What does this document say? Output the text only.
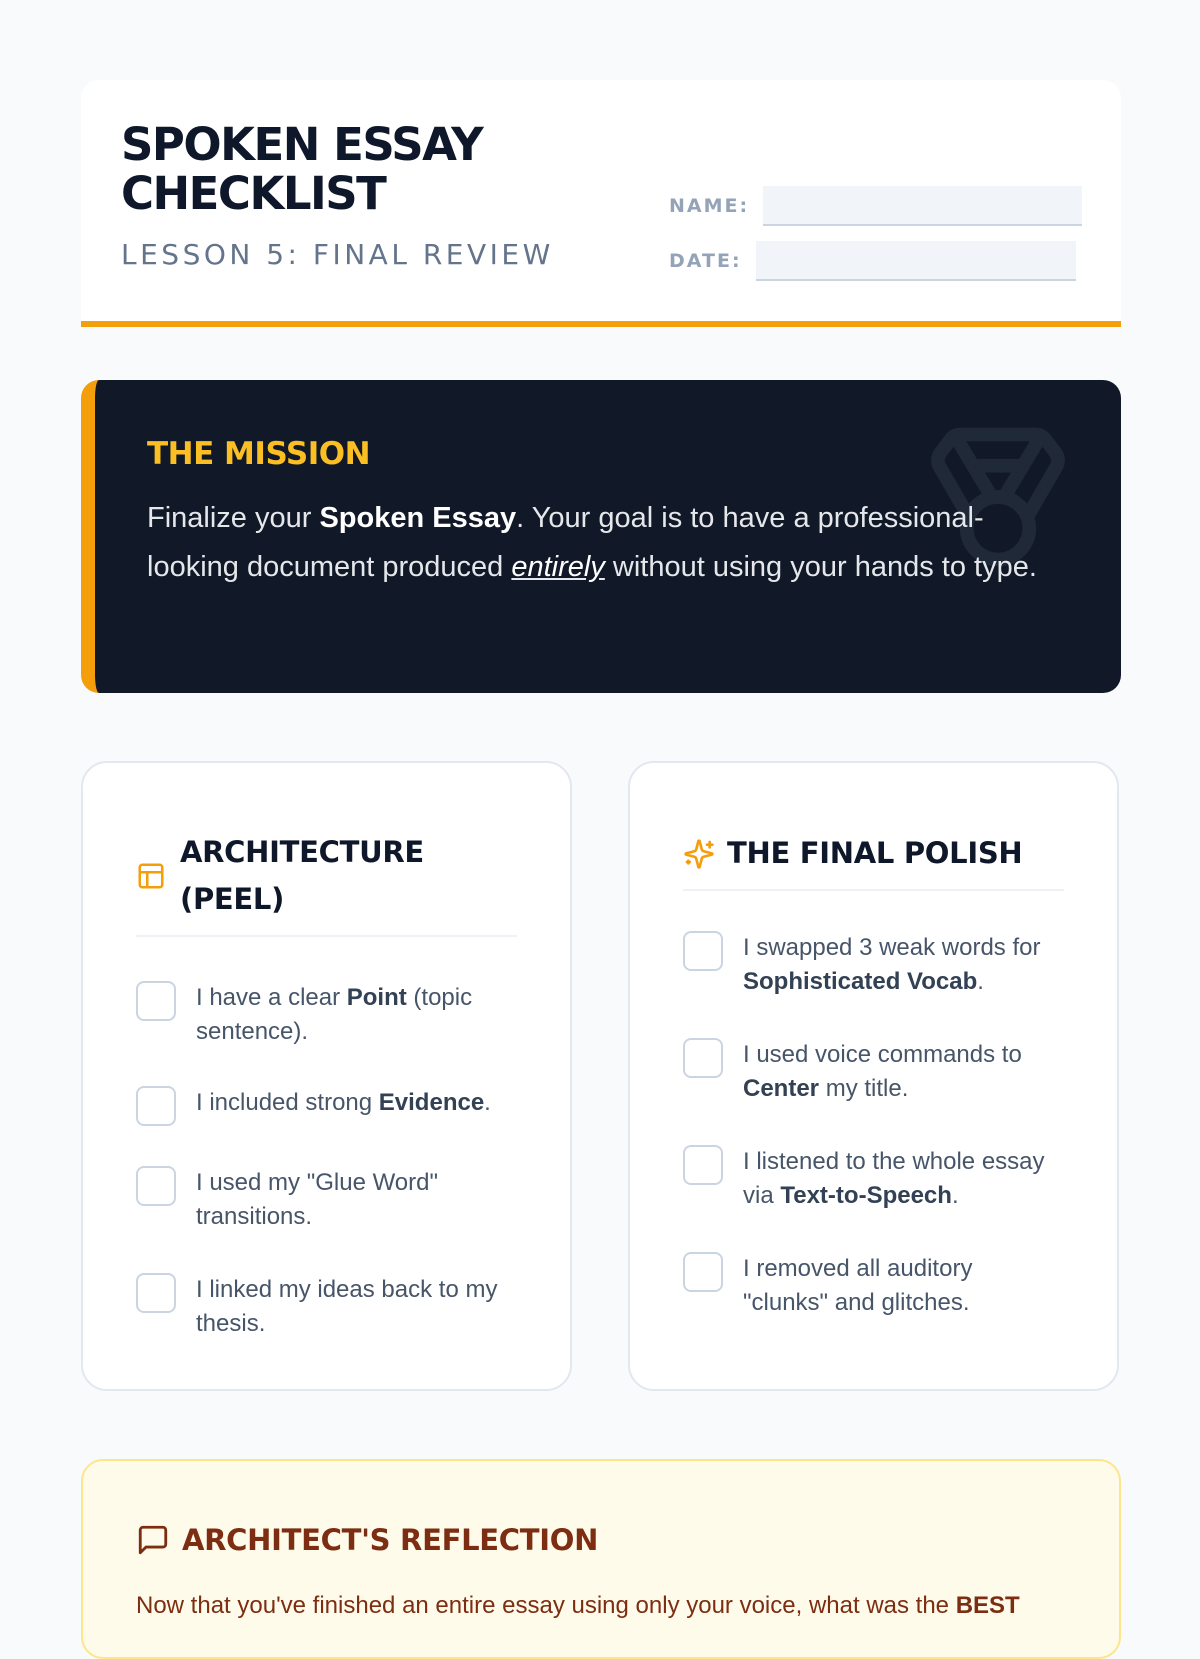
SPOKEN ESSAY CHECKLIST
LESSON 5: FINAL REVIEW
NAME:
DATE:
THE MISSION

Finalize your Spoken Essay. Your goal is to have a professional-looking document produced entirely without using your hands to type.

ARCHITECTURE (PEEL)
I have a clear Point (topic sentence).
I included strong Evidence.
I used my "Glue Word" transitions.
I linked my ideas back to my thesis.
THE FINAL POLISH
I swapped 3 weak words for Sophisticated Vocab.
I used voice commands to Center my title.
I listened to the whole essay via Text-to-Speech.
I removed all auditory "clunks" and glitches.
ARCHITECT'S REFLECTION

Now that you've finished an entire essay using only your voice, what was the BEST
